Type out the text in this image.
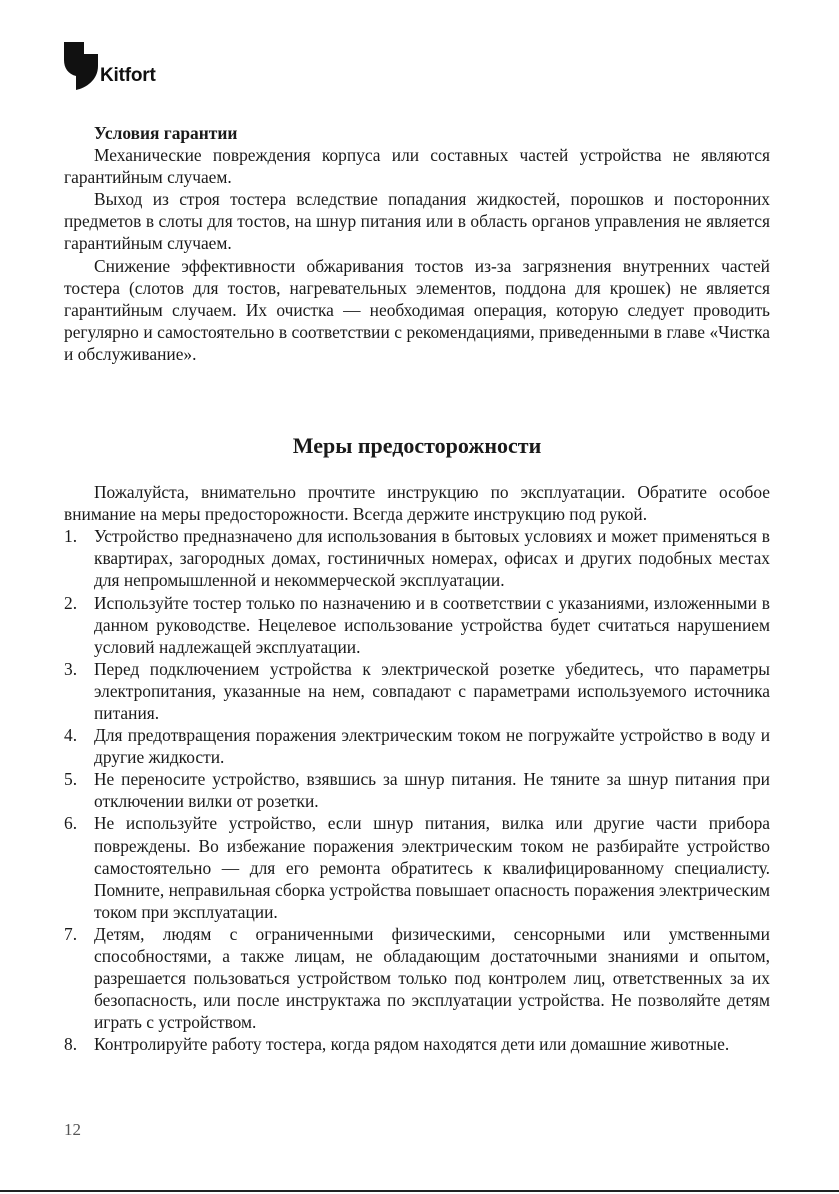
Kitfort
Условия гарантии

Механические повреждения корпуса или составных частей устройства не являются гарантийным случаем.

Выход из строя тостера вследствие попадания жидкостей, порошков и посторонних предметов в слоты для тостов, на шнур питания или в область органов управления не является гарантийным случаем.

Снижение эффективности обжаривания тостов из-за загрязнения внутренних частей тостера (слотов для тостов, нагревательных элементов, поддона для крошек) не является гарантийным случаем. Их очистка — необходимая операция, которую следует проводить регулярно и самостоятельно в соответствии с рекомендациями, приведенными в главе «Чистка и обслуживание».

Меры предосторожности

Пожалуйста, внимательно прочтите инструкцию по эксплуатации. Обратите особое внимание на меры предосторожности. Всегда держите инструкцию под рукой.

1. Устройство предназначено для использования в бытовых условиях и может применяться в квартирах, загородных домах, гостиничных номерах, офисах и других подобных местах для непромышленной и некоммерческой эксплуатации.
2. Используйте тостер только по назначению и в соответствии с указаниями, изложенными в данном руководстве. Нецелевое использование устройства будет считаться нарушением условий надлежащей эксплуатации.
3. Перед подключением устройства к электрической розетке убедитесь, что параметры электропитания, указанные на нем, совпадают с параметрами используемого источника питания.
4. Для предотвращения поражения электрическим током не погружайте устройство в воду и другие жидкости.
5. Не переносите устройство, взявшись за шнур питания. Не тяните за шнур питания при отключении вилки от розетки.
6. Не используйте устройство, если шнур питания, вилка или другие части прибора повреждены. Во избежание поражения электрическим током не разбирайте устройство самостоятельно — для его ремонта обратитесь к квалифицированному специалисту. Помните, неправильная сборка устройства повышает опасность поражения электрическим током при эксплуатации.
7. Детям, людям с ограниченными физическими, сенсорными или умственными способностями, а также лицам, не обладающим достаточными знаниями и опытом, разрешается пользоваться устройством только под контролем лиц, ответственных за их безопасность, или после инструктажа по эксплуатации устройства. Не позволяйте детям играть с устройством.
8. Контролируйте работу тостера, когда рядом находятся дети или домашние животные.
12
